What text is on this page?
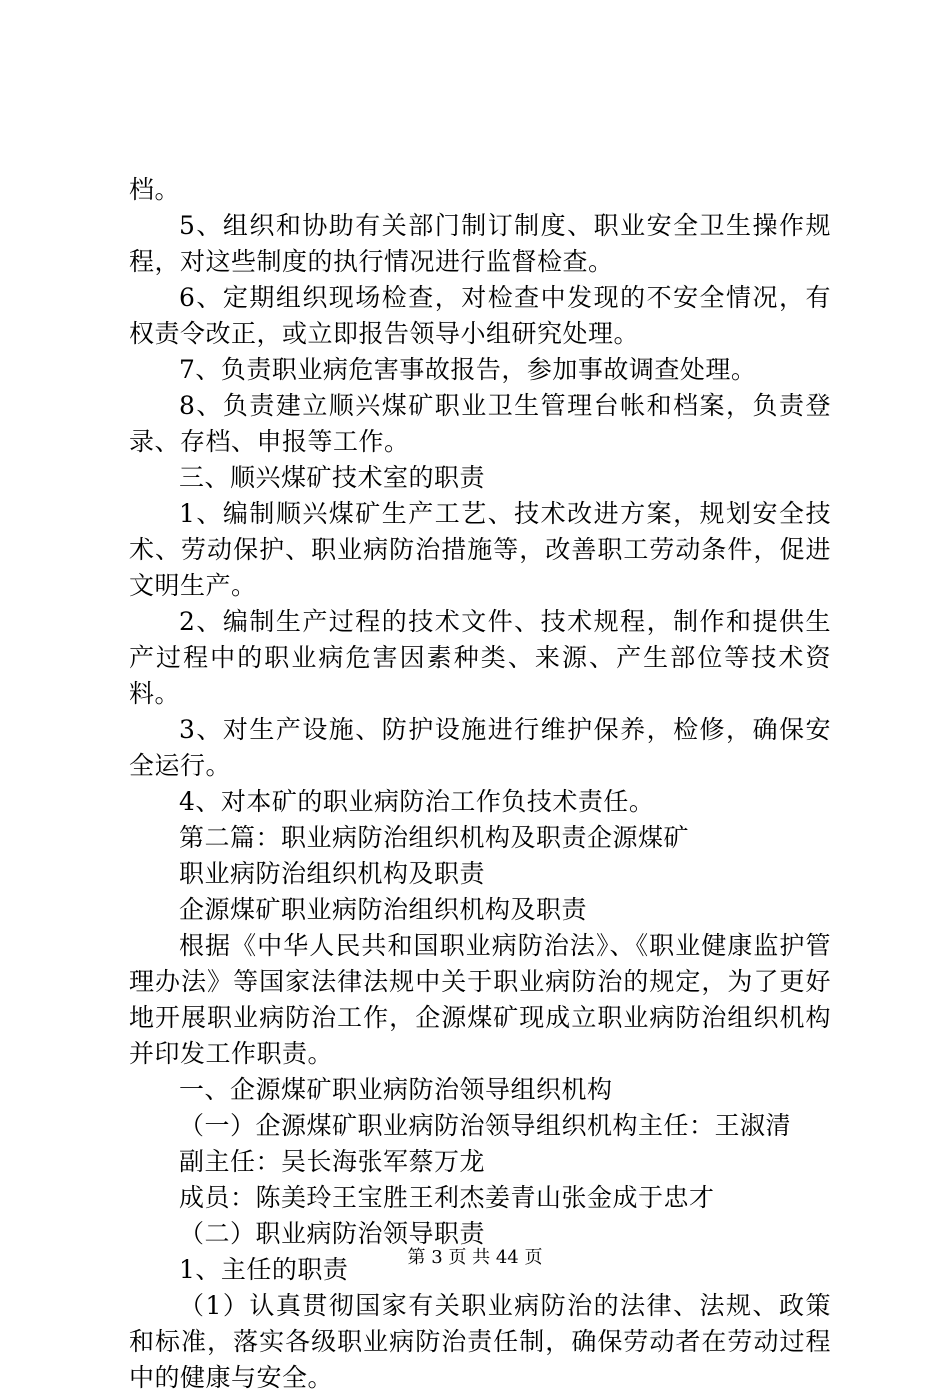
档。

5、组织和协助有关部门制订制度、职业安全卫生操作规程，对这些制度的执行情况进行监督检查。

6、定期组织现场检查，对检查中发现的不安全情况，有权责令改正，或立即报告领导小组研究处理。

7、负责职业病危害事故报告，参加事故调查处理。

8、负责建立顺兴煤矿职业卫生管理台帐和档案，负责登录、存档、申报等工作。

三、顺兴煤矿技术室的职责

1、编制顺兴煤矿生产工艺、技术改进方案，规划安全技术、劳动保护、职业病防治措施等，改善职工劳动条件，促进文明生产。

2、编制生产过程的技术文件、技术规程，制作和提供生产过程中的职业病危害因素种类、来源、产生部位等技术资料。

3、对生产设施、防护设施进行维护保养，检修，确保安全运行。

4、对本矿的职业病防治工作负技术责任。

第二篇：职业病防治组织机构及职责企源煤矿

职业病防治组织机构及职责

企源煤矿职业病防治组织机构及职责

根据《中华人民共和国职业病防治法》、《职业健康监护管理办法》等国家法律法规中关于职业病防治的规定，为了更好地开展职业病防治工作，企源煤矿现成立职业病防治组织机构并印发工作职责。

一、企源煤矿职业病防治领导组织机构

（一）企源煤矿职业病防治领导组织机构主任：王淑清

副主任：吴长海张军蔡万龙

成员：陈美玲王宝胜王利杰姜青山张金成于忠才

（二）职业病防治领导职责

1、主任的职责

（1）认真贯彻国家有关职业病防治的法律、法规、政策和标准，落实各级职业病防治责任制，确保劳动者在劳动过程中的健康与安全。

第 3 页 共 44 页
